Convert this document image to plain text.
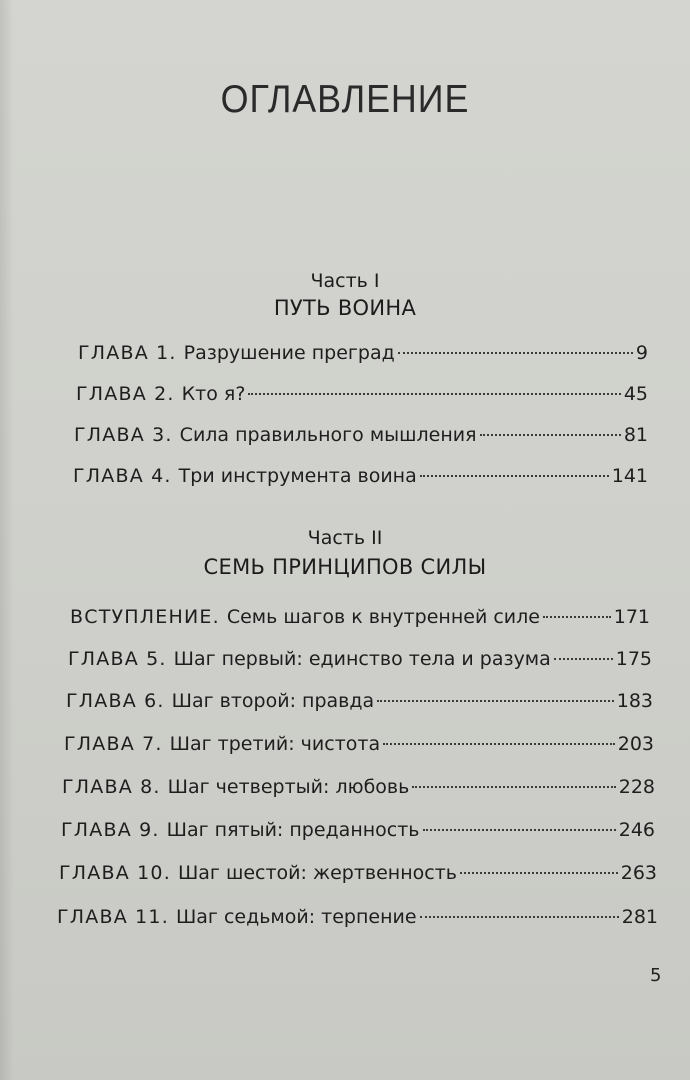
ОГЛАВЛЕНИЕ
Часть I
ПУТЬ ВОИНА
ГЛАВА 1. Разрушение преград	9
ГЛАВА 2. Кто я?	45
ГЛАВА 3. Сила правильного мышления	81
ГЛАВА 4. Три инструмента воина	141
Часть II
СЕМЬ ПРИНЦИПОВ СИЛЫ
ВСТУПЛЕНИЕ. Семь шагов к внутренней силе	171
ГЛАВА 5. Шаг первый: единство тела и разума	175
ГЛАВА 6. Шаг второй: правда	183
ГЛАВА 7. Шаг третий: чистота	203
ГЛАВА 8. Шаг четвертый: любовь	228
ГЛАВА 9. Шаг пятый: преданность	246
ГЛАВА 10. Шаг шестой: жертвенность	263
ГЛАВА 11. Шаг седьмой: терпение	281
5
